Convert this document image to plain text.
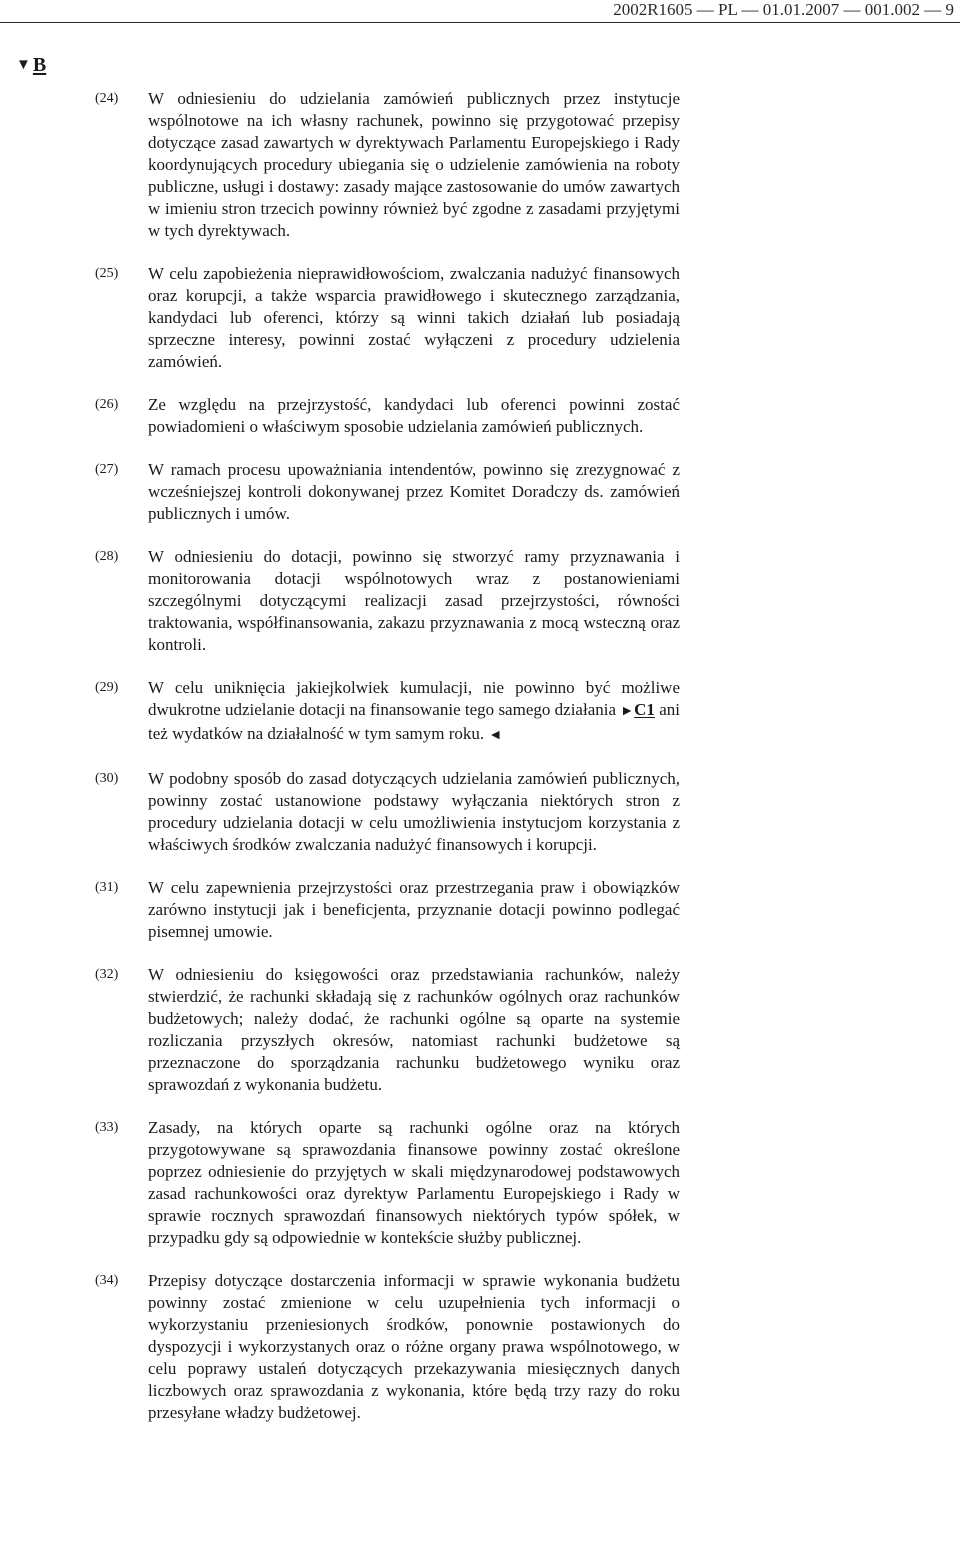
2002R1605 — PL — 01.01.2007 — 001.002 — 9
▼ B
(24) W odniesieniu do udzielania zamówień publicznych przez instytucje wspólnotowe na ich własny rachunek, powinno się przygotować przepisy dotyczące zasad zawartych w dyrektywach Parlamentu Europejskiego i Rady koordynujących procedury ubiegania się o udzielenie zamówienia na roboty publiczne, usługi i dostawy: zasady mające zastosowanie do umów zawartych w imieniu stron trzecich powinny również być zgodne z zasadami przyjętymi w tych dyrektywach.
(25) W celu zapobieżenia nieprawidłowościom, zwalczania nadużyć finansowych oraz korupcji, a także wsparcia prawidłowego i skutecznego zarządzania, kandydaci lub oferenci, którzy są winni takich działań lub posiadają sprzeczne interesy, powinni zostać wyłączeni z procedury udzielenia zamówień.
(26) Ze względu na przejrzystość, kandydaci lub oferenci powinni zostać powiadomieni o właściwym sposobie udzielania zamówień publicznych.
(27) W ramach procesu upoważniania intendentów, powinno się zrezygnować z wcześniejszej kontroli dokonywanej przez Komitet Doradczy ds. zamówień publicznych i umów.
(28) W odniesieniu do dotacji, powinno się stworzyć ramy przyznawania i monitorowania dotacji wspólnotowych wraz z postanowieniami szczególnymi dotyczącymi realizacji zasad przejrzystości, równości traktowania, współfinansowania, zakazu przyznawania z mocą wsteczną oraz kontroli.
(29) W celu uniknięcia jakiejkolwiek kumulacji, nie powinno być możliwe dwukrotne udzielanie dotacji na finansowanie tego samego działania ►C1 ani też wydatków na działalność w tym samym roku. ◄
(30) W podobny sposób do zasad dotyczących udzielania zamówień publicznych, powinny zostać ustanowione podstawy wyłączania niektórych stron z procedury udzielania dotacji w celu umożliwienia instytucjom korzystania z właściwych środków zwalczania nadużyć finansowych i korupcji.
(31) W celu zapewnienia przejrzystości oraz przestrzegania praw i obowiązków zarówno instytucji jak i beneficjenta, przyznanie dotacji powinno podlegać pisemnej umowie.
(32) W odniesieniu do księgowości oraz przedstawiania rachunków, należy stwierdzić, że rachunki składają się z rachunków ogólnych oraz rachunków budżetowych; należy dodać, że rachunki ogólne są oparte na systemie rozliczania przyszłych okresów, natomiast rachunki budżetowe są przeznaczone do sporządzania rachunku budżetowego wyniku oraz sprawozdań z wykonania budżetu.
(33) Zasady, na których oparte są rachunki ogólne oraz na których przygotowywane są sprawozdania finansowe powinny zostać określone poprzez odniesienie do przyjętych w skali międzynarodowej podstawowych zasad rachunkowości oraz dyrektyw Parlamentu Europejskiego i Rady w sprawie rocznych sprawozdań finansowych niektórych typów spółek, w przypadku gdy są odpowiednie w kontekście służby publicznej.
(34) Przepisy dotyczące dostarczenia informacji w sprawie wykonania budżetu powinny zostać zmienione w celu uzupełnienia tych informacji o wykorzystaniu przeniesionych środków, ponownie postawionych do dyspozycji i wykorzystanych oraz o różne organy prawa wspólnotowego, w celu poprawy ustaleń dotyczących przekazywania miesięcznych danych liczbowych oraz sprawozdania z wykonania, które będą trzy razy do roku przesyłane władzy budżetowej.
